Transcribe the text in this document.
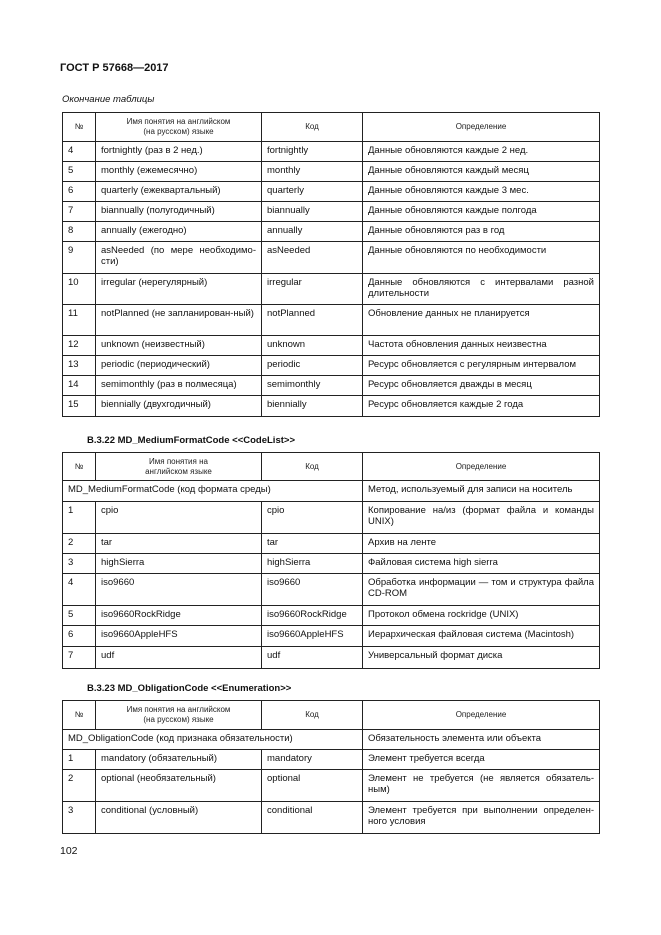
ГОСТ Р 57668—2017
Окончание таблицы
№	Имя понятия на английском (на русском) языке	Код	Определение
4	fortnightly (раз в 2 нед.)	fortnightly	Данные обновляются каждые 2 нед.
5	monthly (ежемесячно)	monthly	Данные обновляются каждый месяц
6	quarterly (ежеквартальный)	quarterly	Данные обновляются каждые 3 мес.
7	biannually (полугодичный)	biannually	Данные обновляются каждые полгода
8	annually (ежегодно)	annually	Данные обновляются раз в год
9	asNeeded (по мере необходимо-сти)	asNeeded	Данные обновляются по необходимости
10	irregular (нерегулярный)	irregular	Данные обновляются с интервалами разной длительности
11	notPlanned (не запланирован-ный)	notPlanned	Обновление данных не планируется
12	unknown (неизвестный)	unknown	Частота обновления данных неизвестна
13	periodic (периодический)	periodic	Ресурс обновляется с регулярным интервалом
14	semimonthly (раз в полмесяца)	semimonthly	Ресурс обновляется дважды в месяц
15	biennially (двухгодичный)	biennially	Ресурс обновляется каждые 2 года
В.3.22 MD_MediumFormatCode <<CodeList>>
№	Имя понятия на английском языке	Код	Определение
MD_MediumFormatCode (код формата среды)			Метод, используемый для записи на носитель
1	cpio	cpio	Копирование на/из (формат файла и команды UNIX)
2	tar	tar	Архив на ленте
3	highSierra	highSierra	Файловая система high sierra
4	iso9660	iso9660	Обработка информации — том и структура файла CD-ROM
5	iso9660RockRidge	iso9660RockRidge	Протокол обмена rockridge (UNIX)
6	iso9660AppleHFS	iso9660AppleHFS	Иерархическая файловая система (Macintosh)
7	udf	udf	Универсальный формат диска
В.3.23 MD_ObligationCode <<Enumeration>>
№	Имя понятия на английском (на русском) языке	Код	Определение
MD_ObligationCode (код признака обязательности)			Обязательность элемента или объекта
1	mandatory (обязательный)	mandatory	Элемент требуется всегда
2	optional (необязательный)	optional	Элемент не требуется (не является обязатель-ным)
3	conditional (условный)	conditional	Элемент требуется при выполнении определен-ного условия
102
